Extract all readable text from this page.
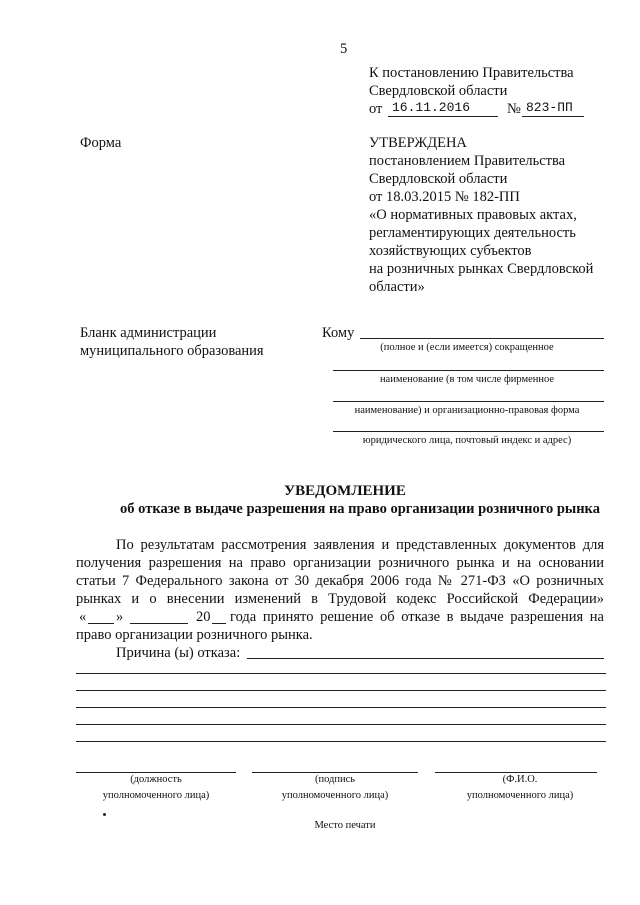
5
К постановлению Правительства
Свердловской области
от 16.11.2016	№ 823-ПП
Форма	УТВЕРЖДЕНА
постановлением Правительства
Свердловской области
от 18.03.2015 № 182-ПП
«О нормативных правовых актах,
регламентирующих деятельность
хозяйствующих субъектов
на розничных рынках Свердловской
области»
Бланк администрации
муниципального образования
Кому
(полное и (если имеется) сокращенное
наименование (в том числе фирменное
наименование) и организационно-правовая форма
юридического лица, почтовый индекс и адрес)
УВЕДОМЛЕНИЕ
об отказе в выдаче разрешения на право организации розничного рынка
По результатам рассмотрения заявления и представленных документов для
получения разрешения на право организации розничного рынка и на основании
статьи 7 Федерального закона от 30 декабря 2006 года № 271-ФЗ «О розничных
рынках и о внесении изменений в Трудовой кодекс Российской Федерации»
« »	20 года принято решение об отказе в выдаче разрешения на
право организации розничного рынка.
Причина (ы) отказа:
(должность
уполномоченного лица)
(подпись
уполномоченного лица)
(Ф.И.О.
уполномоченного лица)
Место печати
